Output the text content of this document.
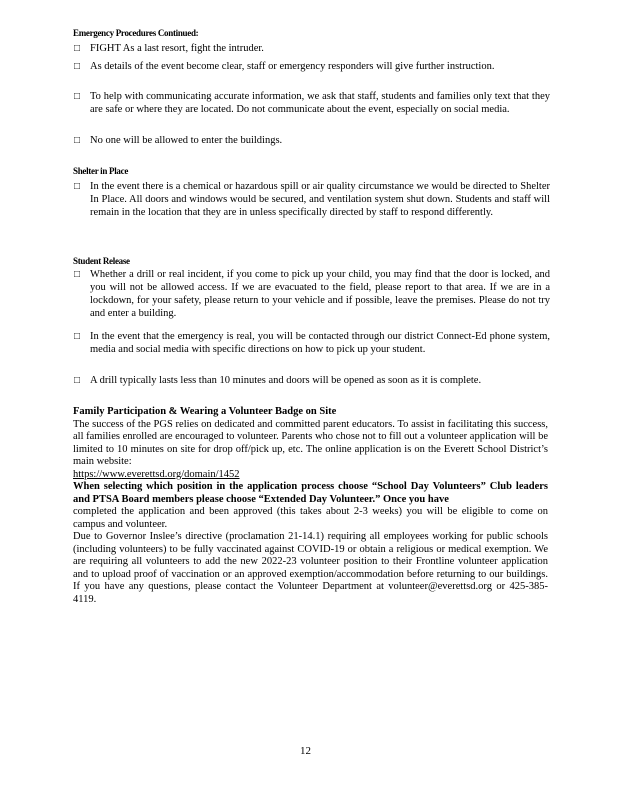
Emergency Procedures Continued:
□ FIGHT As a last resort, fight the intruder.
□ As details of the event become clear, staff or emergency responders will give further instruction.
□ To help with communicating accurate information, we ask that staff, students and families only text that they are safe or where they are located. Do not communicate about the event, especially on social media.
□ No one will be allowed to enter the buildings.
Shelter in Place
□ In the event there is a chemical or hazardous spill or air quality circumstance we would be directed to Shelter In Place. All doors and windows would be secured, and ventilation system shut down. Students and staff will remain in the location that they are in unless specifically directed by staff to respond differently.
Student Release
□ Whether a drill or real incident, if you come to pick up your child, you may find that the door is locked, and you will not be allowed access. If we are evacuated to the field, please report to that area. If we are in a lockdown, for your safety, please return to your vehicle and if possible, leave the premises. Please do not try and enter a building.
□ In the event that the emergency is real, you will be contacted through our district Connect-Ed phone system, media and social media with specific directions on how to pick up your student.
□ A drill typically lasts less than 10 minutes and doors will be opened as soon as it is complete.
Family Participation & Wearing a Volunteer Badge on Site
The success of the PGS relies on dedicated and committed parent educators. To assist in facilitating this success, all families enrolled are encouraged to volunteer. Parents who chose not to fill out a volunteer application will be limited to 10 minutes on site for drop off/pick up, etc. The online application is on the Everett School District’s main website:
https://www.everettsd.org/domain/1452
When selecting which position in the application process choose “School Day Volunteers” Club leaders and PTSA Board members please choose “Extended Day Volunteer.” Once you have
completed the application and been approved (this takes about 2-3 weeks) you will be eligible to come on campus and volunteer.
Due to Governor Inslee’s directive (proclamation 21-14.1) requiring all employees working for public schools (including volunteers) to be fully vaccinated against COVID-19 or obtain a religious or medical exemption. We are requiring all volunteers to add the new 2022-23 volunteer position to their Frontline volunteer application and to upload proof of vaccination or an approved exemption/accommodation before returning to our buildings. If you have any questions, please contact the Volunteer Department at volunteer@everettsd.org or 425-385-4119.
12
